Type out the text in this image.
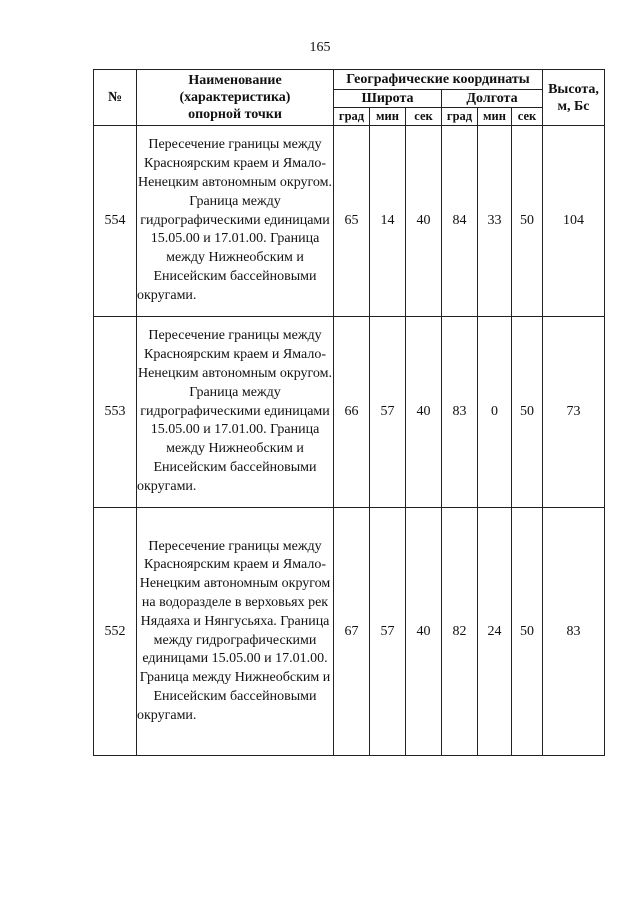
165
№	Наименование
(характеристика)
опорной точки	Географические координаты						Высота,
м, Бс

		Широта			Долгота			
		град	мин	сек	град	мин	сек	
554	Пересечение границы между Красноярским краем и Ямало-Ненецким автономным округом. Граница между гидрографическими единицами 15.05.00 и 17.01.00. Граница между Нижнеобским и Енисейским бассейновыми округами.	65	14	40	84	33	50	104
553	Пересечение границы между Красноярским краем и Ямало-Ненецким автономным округом. Граница между гидрографическими единицами 15.05.00 и 17.01.00. Граница между Нижнеобским и Енисейским бассейновыми округами.	66	57	40	83	0	50	73
552	Пересечение границы между Красноярским краем и Ямало-Ненецким автономным округом на водоразделе в верховьях рек Нядаяха и Нянгусьяха. Граница между гидрографическими единицами 15.05.00 и 17.01.00. Граница между Нижнеобским и Енисейским бассейновыми округами.	67	57	40	82	24	50	83
